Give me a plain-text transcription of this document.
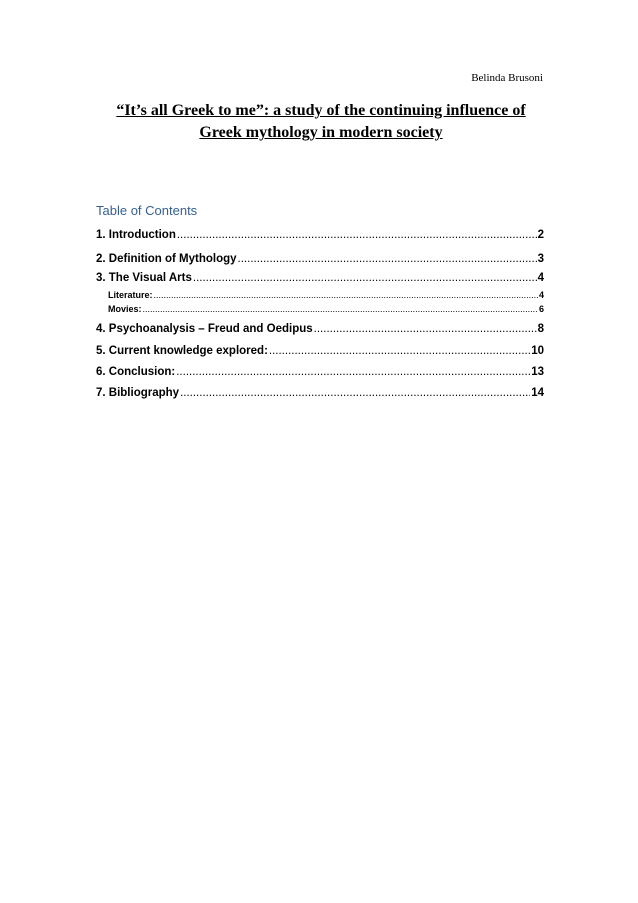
Belinda Brusoni
“It’s all Greek to me”: a study of the continuing influence of Greek mythology in modern society
Table of Contents
1. Introduction .....	2
2. Definition of Mythology .....	3
3. The Visual Arts .....	4
Literature: .....	4
Movies: .....	6
4. Psychoanalysis – Freud and Oedipus .....	8
5. Current knowledge explored: .....	10
6. Conclusion: .....	13
7. Bibliography .....	14
